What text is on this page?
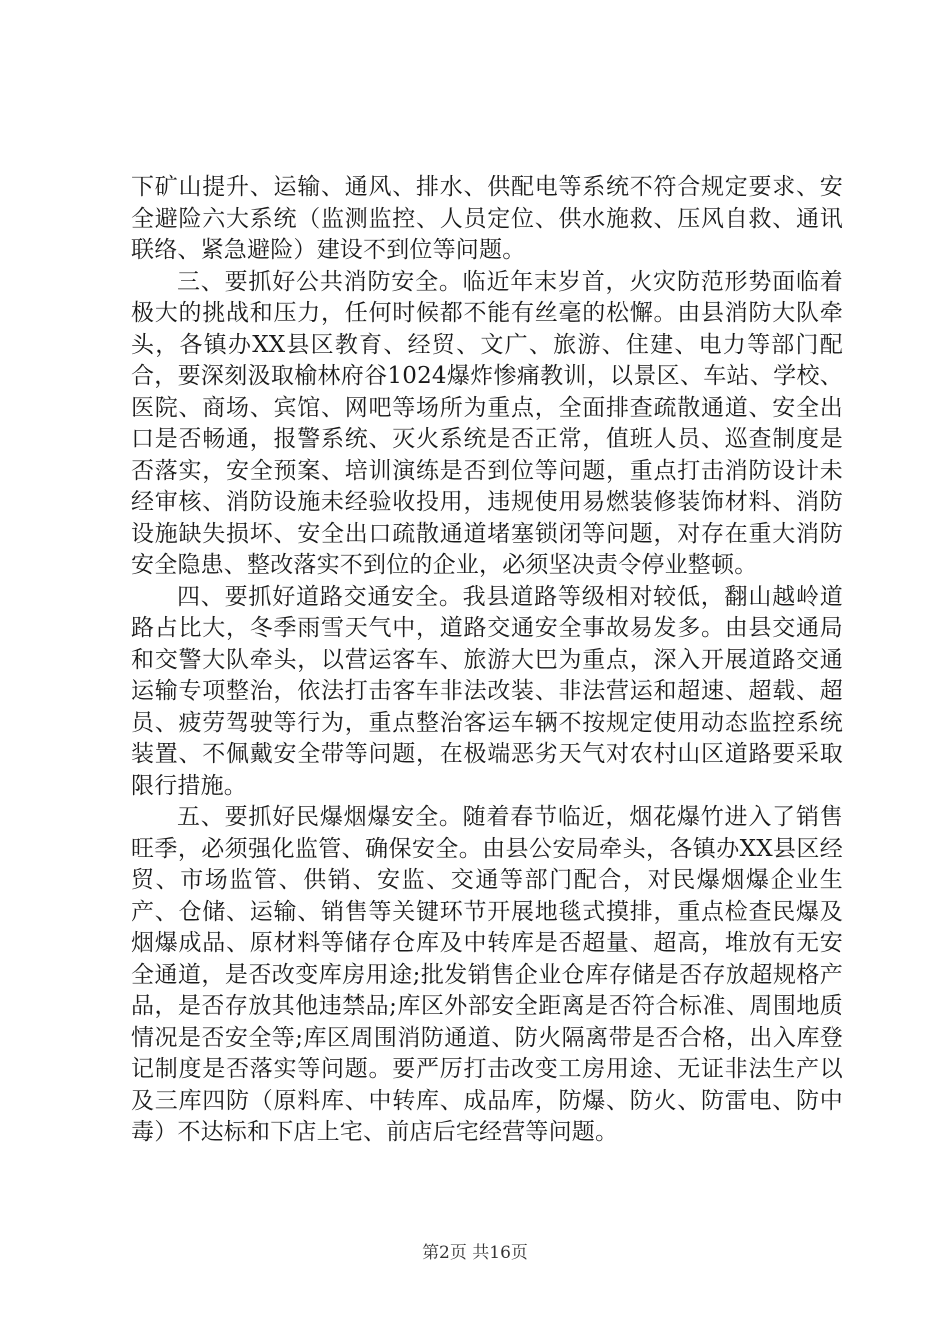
下矿山提升、运输、通风、排水、供配电等系统不符合规定要求、安全避险六大系统（监测监控、人员定位、供水施救、压风自救、通讯联络、紧急避险）建设不到位等问题。

三、要抓好公共消防安全。临近年末岁首，火灾防范形势面临着极大的挑战和压力，任何时候都不能有丝毫的松懈。由县消防大队牵头，各镇办XX县区教育、经贸、文广、旅游、住建、电力等部门配合，要深刻汲取榆林府谷1024爆炸惨痛教训，以景区、车站、学校、医院、商场、宾馆、网吧等场所为重点，全面排查疏散通道、安全出口是否畅通，报警系统、灭火系统是否正常，值班人员、巡查制度是否落实，安全预案、培训演练是否到位等问题，重点打击消防设计未经审核、消防设施未经验收投用，违规使用易燃装修装饰材料、消防设施缺失损坏、安全出口疏散通道堵塞锁闭等问题，对存在重大消防安全隐患、整改落实不到位的企业，必须坚决责令停业整顿。

四、要抓好道路交通安全。我县道路等级相对较低，翻山越岭道路占比大，冬季雨雪天气中，道路交通安全事故易发多。由县交通局和交警大队牵头，以营运客车、旅游大巴为重点，深入开展道路交通运输专项整治，依法打击客车非法改装、非法营运和超速、超载、超员、疲劳驾驶等行为，重点整治客运车辆不按规定使用动态监控系统装置、不佩戴安全带等问题，在极端恶劣天气对农村山区道路要采取限行措施。

五、要抓好民爆烟爆安全。随着春节临近，烟花爆竹进入了销售旺季，必须强化监管、确保安全。由县公安局牵头，各镇办XX县区经贸、市场监管、供销、安监、交通等部门配合，对民爆烟爆企业生产、仓储、运输、销售等关键环节开展地毯式摸排，重点检查民爆及烟爆成品、原材料等储存仓库及中转库是否超量、超高，堆放有无安全通道，是否改变库房用途;批发销售企业仓库存储是否存放超规格产品，是否存放其他违禁品;库区外部安全距离是否符合标准、周围地质情况是否安全等;库区周围消防通道、防火隔离带是否合格，出入库登记制度是否落实等问题。要严厉打击改变工房用途、无证非法生产以及三库四防（原料库、中转库、成品库，防爆、防火、防雷电、防中毒）不达标和下店上宅、前店后宅经营等问题。

第2页 共16页
